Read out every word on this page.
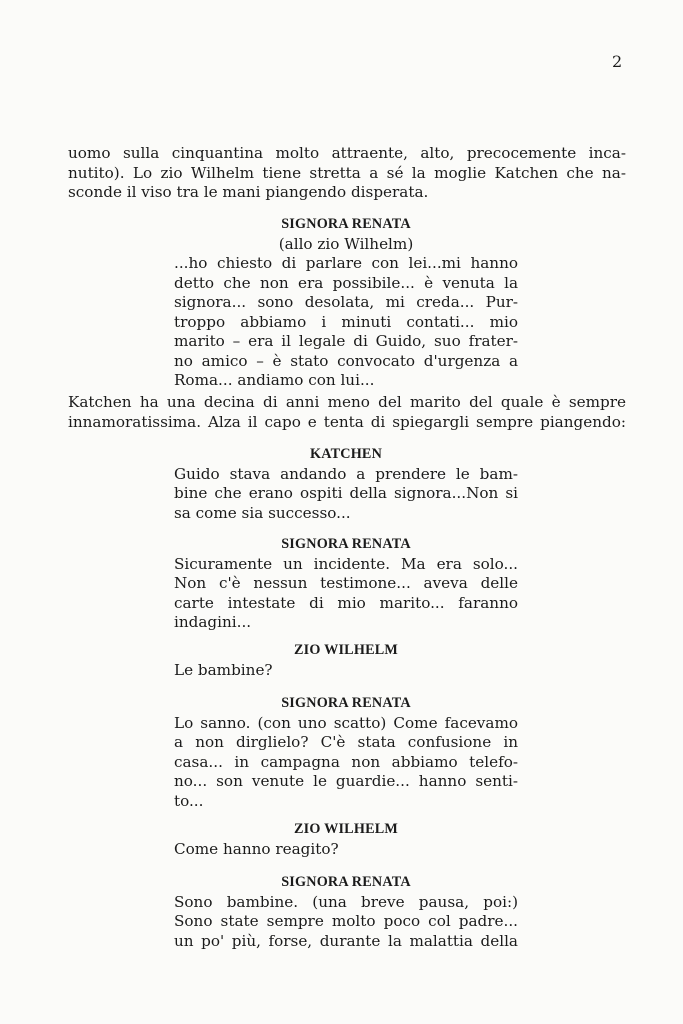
2
uomo sulla cinquantina molto attraente, alto, precocemente inca-
nutito). Lo zio Wilhelm tiene stretta a sé la moglie Katchen che na-
sconde il viso tra le mani piangendo disperata.
SIGNORA RENATA
(allo zio Wilhelm)
...ho chiesto di parlare con lei...mi hanno
detto che non era possibile... è venuta la
signora... sono desolata, mi creda... Pur-
troppo abbiamo i minuti contati... mio
marito – era il legale di Guido, suo frater-
no amico – è stato convocato d'urgenza a
Roma... andiamo con lui...
Katchen ha una decina di anni meno del marito del quale è sempre
innamoratissima. Alza il capo e tenta di spiegargli sempre piangendo:
KATCHEN
Guido stava andando a prendere le bam-
bine che erano ospiti della signora...Non si
sa come sia successo...
SIGNORA RENATA
Sicuramente un incidente. Ma era solo...
Non c'è nessun testimone... aveva delle
carte intestate di mio marito... faranno
indagini...
ZIO WILHELM
Le bambine?
SIGNORA RENATA
Lo sanno. (con uno scatto) Come facevamo
a non dirglielo? C'è stata confusione in
casa... in campagna non abbiamo telefo-
no... son venute le guardie... hanno senti-
to...
ZIO WILHELM
Come hanno reagito?
SIGNORA RENATA
Sono bambine. (una breve pausa, poi:)
Sono state sempre molto poco col padre...
un po' più, forse, durante la malattia della
